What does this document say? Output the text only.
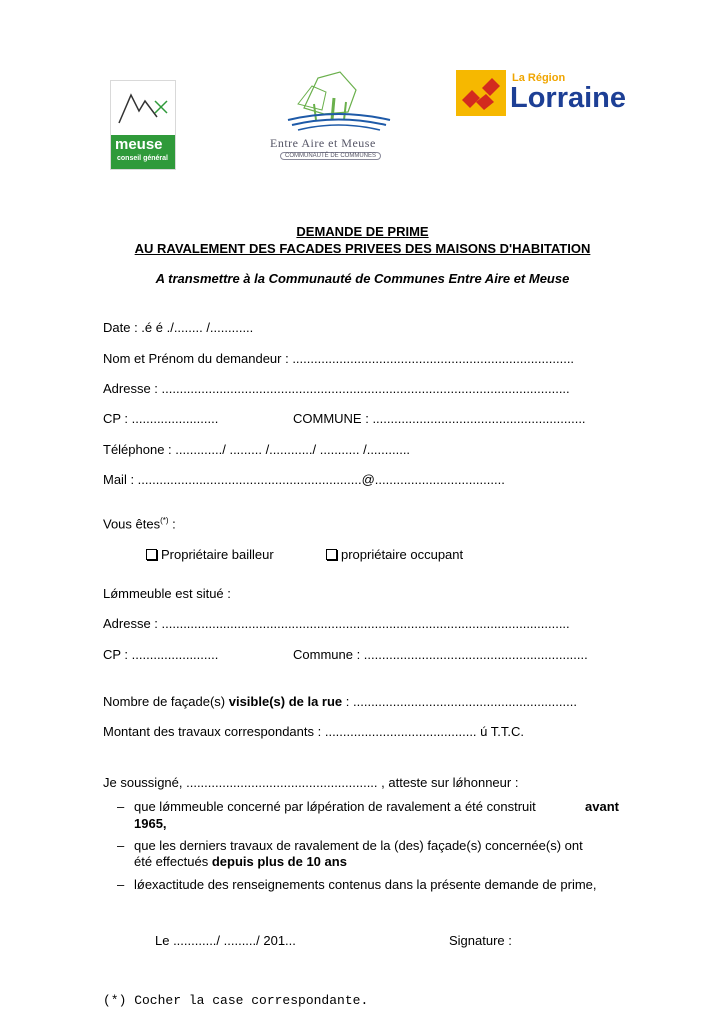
meuse
conseil général
Entre Aire et Meuse
COMMUNAUTÉ DE COMMUNES
La Région
Lorraine
DEMANDE DE PRIME
AU RAVALEMENT DES FACADES PRIVEES DES MAISONS D'HABITATION
A transmettre à la Communauté de Communes Entre Aire et Meuse
Date : .é é ./........ /............
Nom et Prénom du demandeur : ..............................................................................
Adresse : .................................................................................................................
CP : ........................	COMMUNE : ...........................................................
Téléphone : ............./ ......... /............/ ........... /............
Mail : ..............................................................@....................................
Vous êtes(*) :
Propriétaire bailleur	propriétaire occupant
Lǿmmeuble est situé :
Adresse : .................................................................................................................
CP : ........................	Commune : ..............................................................
Nombre de façade(s) visible(s) de la rue : ..............................................................
Montant des travaux correspondants : .......................................... ú T.T.C.
Je soussigné, ..................................................... , atteste sur lǿhonneur :
– que lǿmmeuble concerné par lǿpération de ravalement a été construit	avant
1965,
– que les derniers travaux de ravalement de la (des) façade(s) concernée(s) ont
été effectués depuis plus de 10 ans
– lǿexactitude des renseignements contenus dans la présente demande de prime,
Le ............/ ........./ 201...	Signature :
(*) Cocher la case correspondante.
